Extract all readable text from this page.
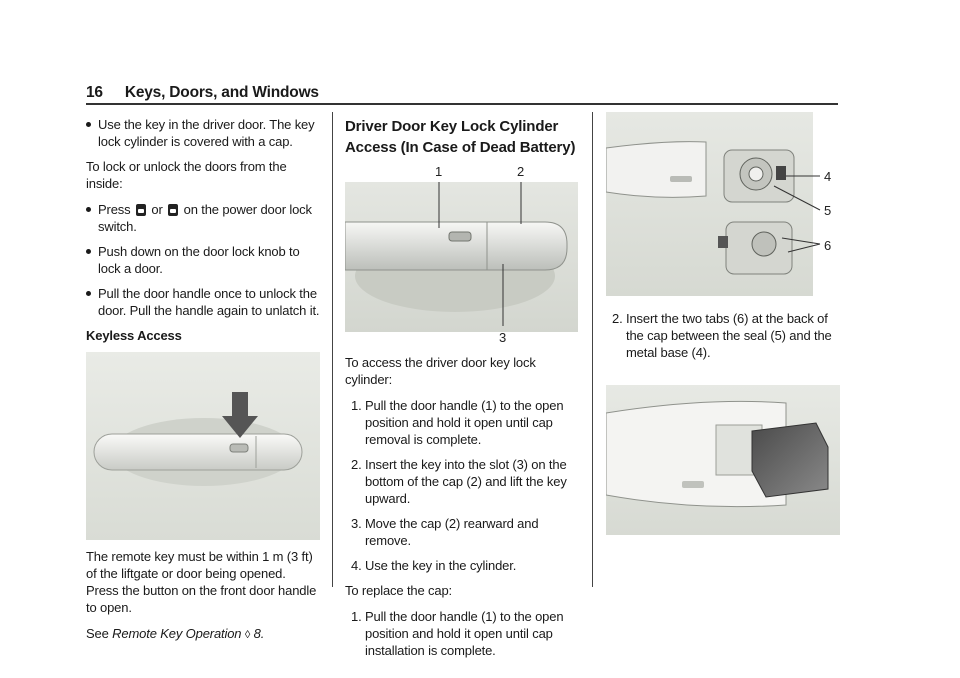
16 Keys, Doors, and Windows
Use the key in the driver door. The key lock cylinder is covered with a cap.

To lock or unlock the doors from the inside:

Press or on the power door lock switch.
Push down on the door lock knob to lock a door.
Pull the door handle once to unlock the door. Pull the handle again to unlatch it.
Keyless Access

The remote key must be within 1 m (3 ft) of the liftgate or door being opened. Press the button on the front door handle to open.

See Remote Key Operation ◊ 8.

Driver Door Key Lock Cylinder Access (In Case of Dead Battery)
1	2
3

To access the driver door key lock cylinder:

1. Pull the door handle (1) to the open position and hold it open until cap removal is complete.
2. Insert the key into the slot (3) on the bottom of the cap (2) and lift the key upward.
3. Move the cap (2) rearward and remove.
4. Use the key in the cylinder.

To replace the cap:

1. Pull the door handle (1) to the open position and hold it open until cap installation is complete.
4
5
6
2. Insert the two tabs (6) at the back of the cap between the seal (5) and the metal base (4).
